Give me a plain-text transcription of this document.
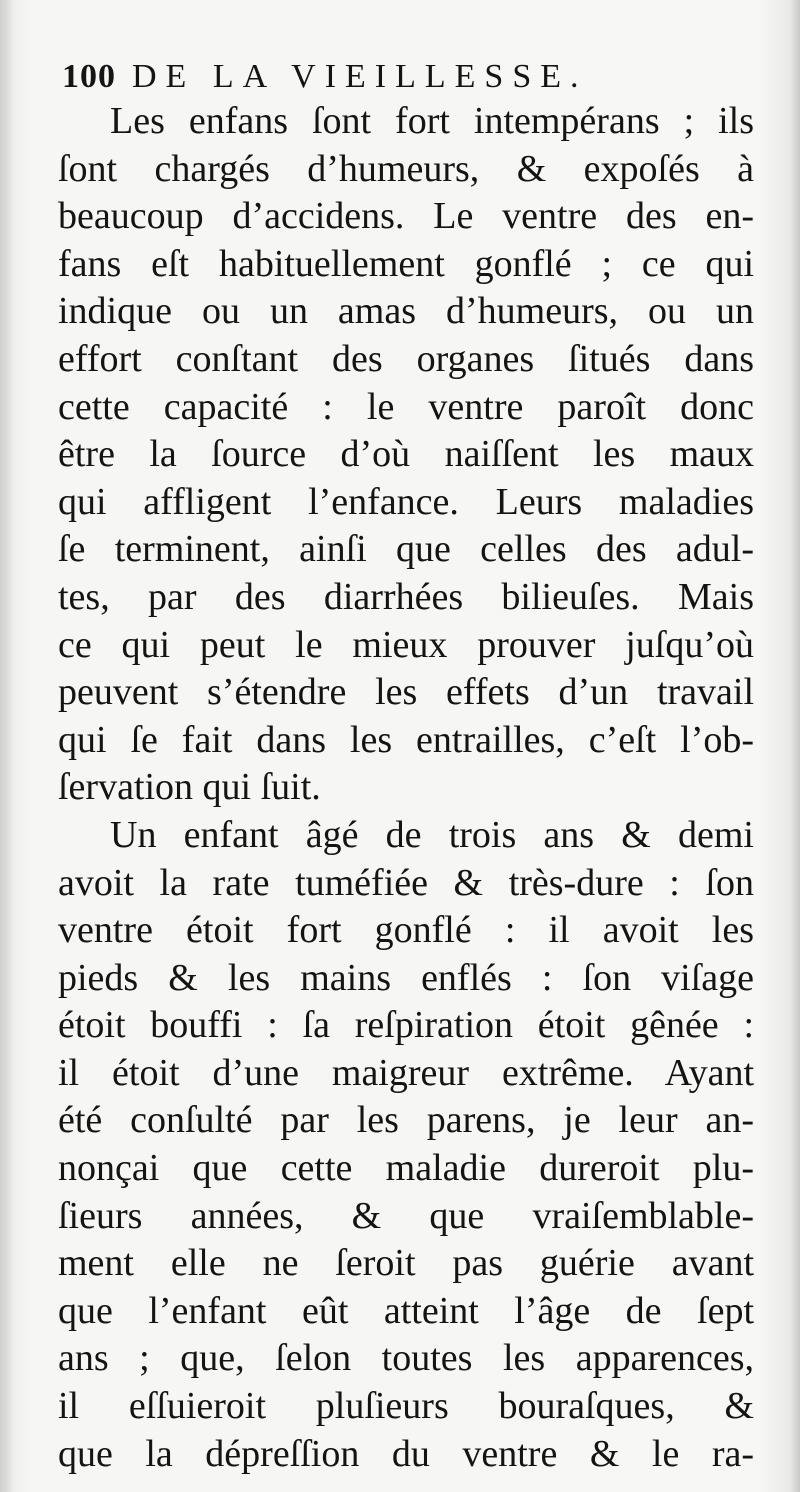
100 DE LA VIEILLESSE.
Les enfans ſont fort intempérans ; ils
ſont chargés d’humeurs, & expoſés à
beaucoup d’accidens. Le ventre des en-
fans eſt habituellement gonflé ; ce qui
indique ou un amas d’humeurs, ou un
effort conſtant des organes ſitués dans
cette capacité : le ventre paroît donc
être la ſource d’où naiſſent les maux
qui affligent l’enfance. Leurs maladies
ſe terminent, ainſi que celles des adul-
tes, par des diarrhées bilieuſes. Mais
ce qui peut le mieux prouver juſqu’où
peuvent s’étendre les effets d’un travail
qui ſe fait dans les entrailles, c’eſt l’ob-
ſervation qui ſuit.
Un enfant âgé de trois ans & demi
avoit la rate tuméfiée & très-dure : ſon
ventre étoit fort gonflé : il avoit les
pieds & les mains enflés : ſon viſage
étoit bouffi : ſa reſpiration étoit gênée :
il étoit d’une maigreur extrême. Ayant
été conſulté par les parens, je leur an-
nonçai que cette maladie dureroit plu-
ſieurs années, & que vraiſemblable-
ment elle ne ſeroit pas guérie avant
que l’enfant eût atteint l’âge de ſept
ans ; que, ſelon toutes les apparences,
il eſſuieroit pluſieurs bouraſques, &
que la dépreſſion du ventre & le ra-
